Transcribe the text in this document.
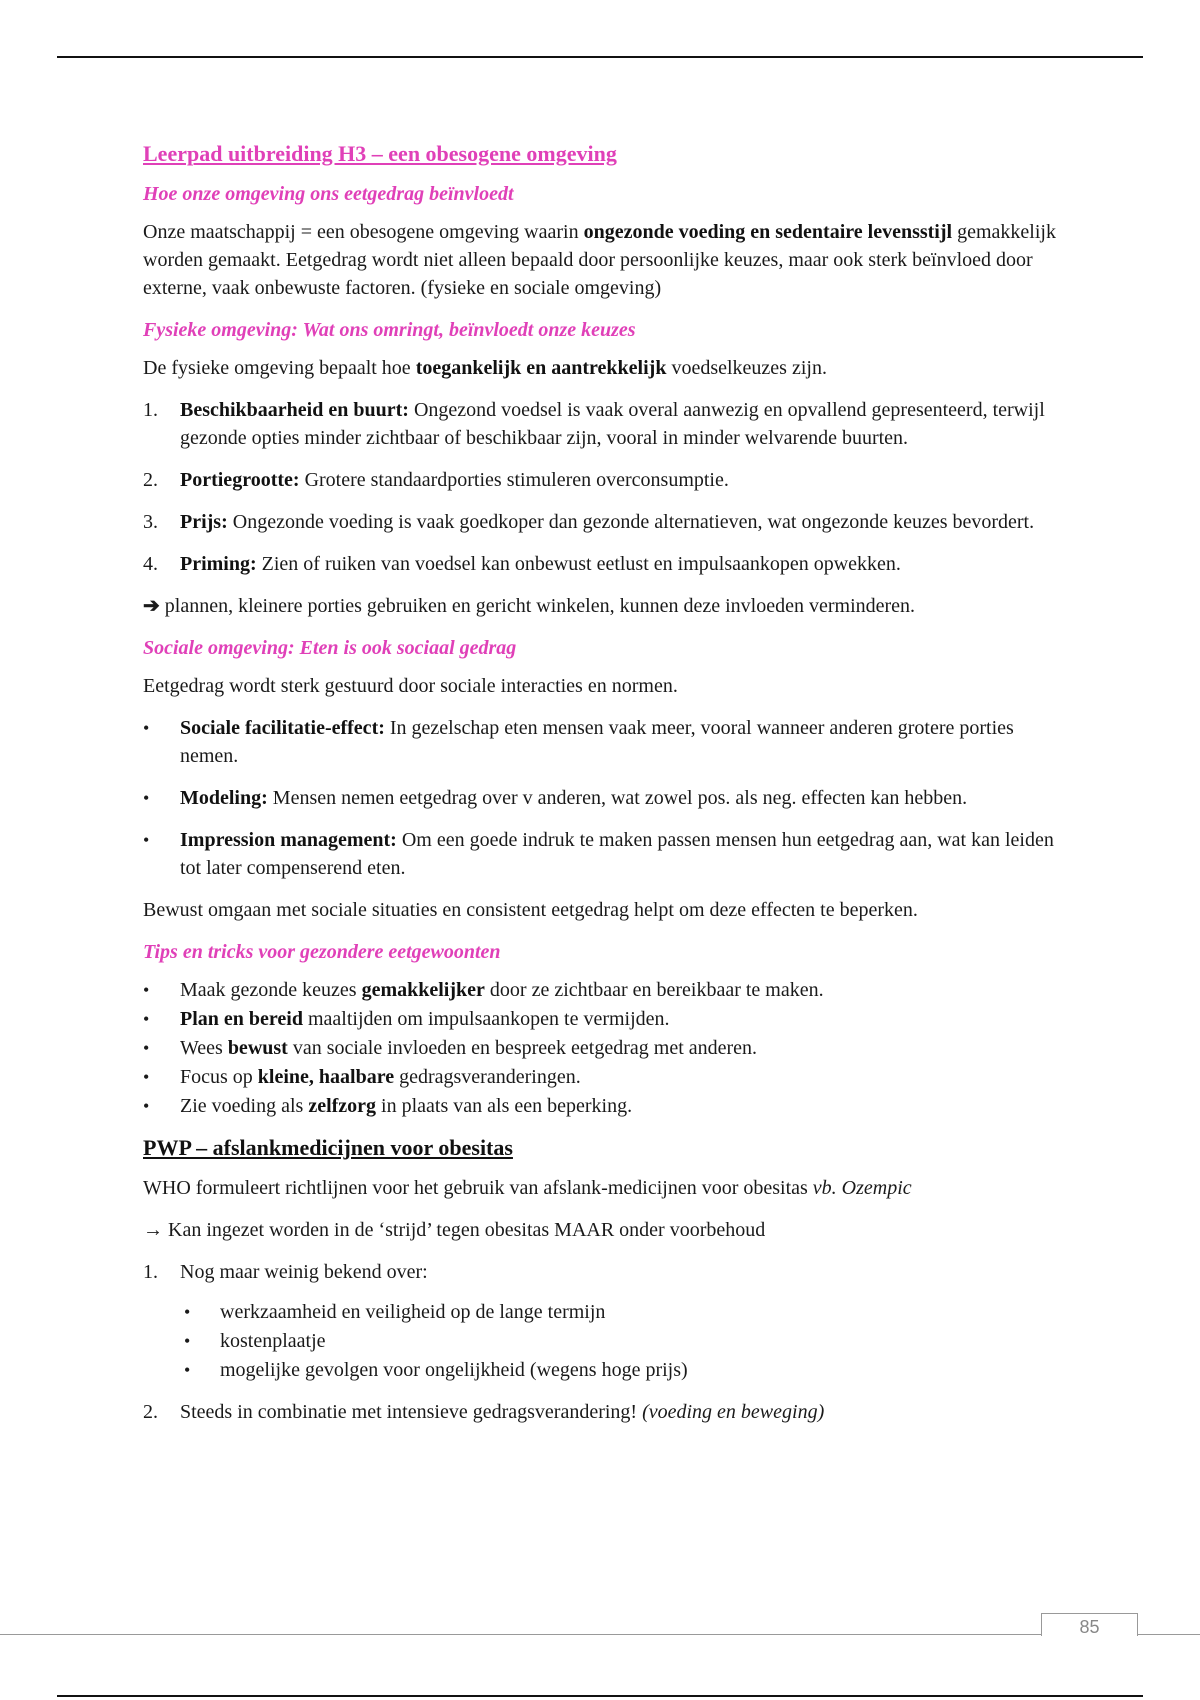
Leerpad uitbreiding H3 – een obesogene omgeving
Hoe onze omgeving ons eetgedrag beïnvloedt

Onze maatschappij = een obesogene omgeving waarin ongezonde voeding en sedentaire levensstijl gemakkelijk worden gemaakt. Eetgedrag wordt niet alleen bepaald door persoonlijke keuzes, maar ook sterk beïnvloed door externe, vaak onbewuste factoren. (fysieke en sociale omgeving)

Fysieke omgeving: Wat ons omringt, beïnvloedt onze keuzes

De fysieke omgeving bepaalt hoe toegankelijk en aantrekkelijk voedselkeuzes zijn.

1. Beschikbaarheid en buurt: Ongezond voedsel is vaak overal aanwezig en opvallend gepresenteerd, terwijl gezonde opties minder zichtbaar of beschikbaar zijn, vooral in minder welvarende buurten.
2. Portiegrootte: Grotere standaardporties stimuleren overconsumptie.
3. Prijs: Ongezonde voeding is vaak goedkoper dan gezonde alternatieven, wat ongezonde keuzes bevordert.
4. Priming: Zien of ruiken van voedsel kan onbewust eetlust en impulsaankopen opwekken.

➔ plannen, kleinere porties gebruiken en gericht winkelen, kunnen deze invloeden verminderen.

Sociale omgeving: Eten is ook sociaal gedrag

Eetgedrag wordt sterk gestuurd door sociale interacties en normen.

• Sociale facilitatie-effect: In gezelschap eten mensen vaak meer, vooral wanneer anderen grotere porties nemen.
• Modeling: Mensen nemen eetgedrag over v anderen, wat zowel pos. als neg. effecten kan hebben.
• Impression management: Om een goede indruk te maken passen mensen hun eetgedrag aan, wat kan leiden tot later compenserend eten.

Bewust omgaan met sociale situaties en consistent eetgedrag helpt om deze effecten te beperken.

Tips en tricks voor gezondere eetgewoonten
• Maak gezonde keuzes gemakkelijker door ze zichtbaar en bereikbaar te maken.
• Plan en bereid maaltijden om impulsaankopen te vermijden.
• Wees bewust van sociale invloeden en bespreek eetgedrag met anderen.
• Focus op kleine, haalbare gedragsveranderingen.
• Zie voeding als zelfzorg in plaats van als een beperking.
PWP – afslankmedicijnen voor obesitas

WHO formuleert richtlijnen voor het gebruik van afslank-medicijnen voor obesitas vb. Ozempic

→ Kan ingezet worden in de ‘strijd’ tegen obesitas MAAR onder voorbehoud

1. Nog maar weinig bekend over:
• werkzaamheid en veiligheid op de lange termijn
• kostenplaatje
• mogelijke gevolgen voor ongelijkheid (wegens hoge prijs)
2. Steeds in combinatie met intensieve gedragsverandering! (voeding en beweging)
85
